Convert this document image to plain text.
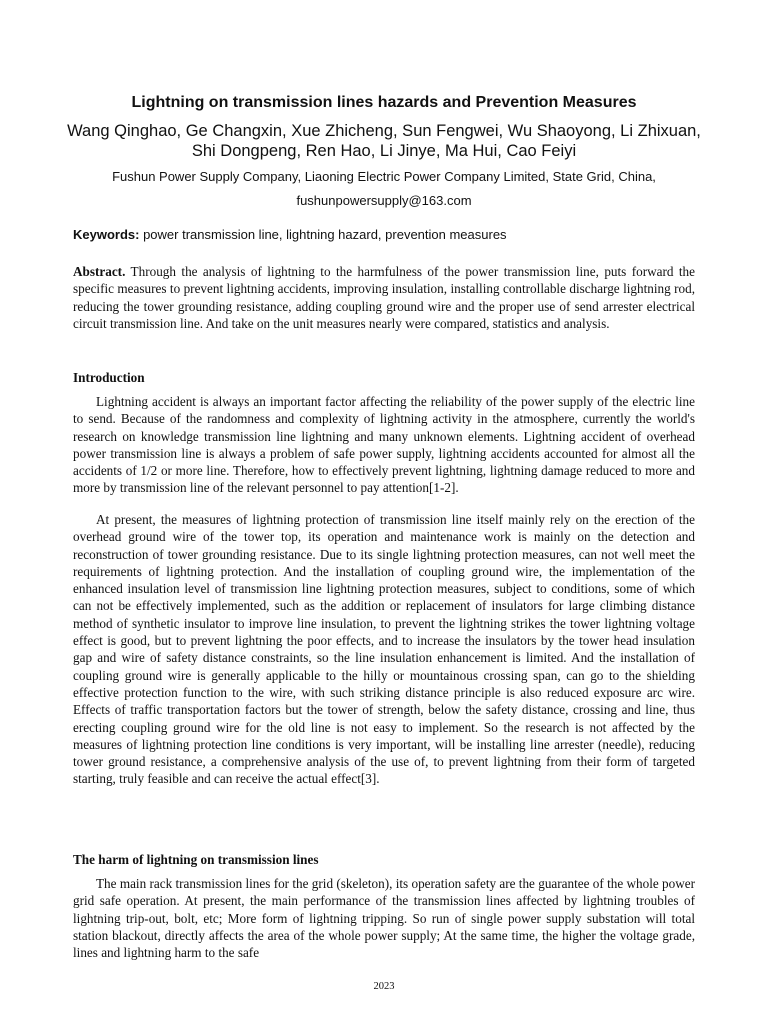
Lightning on transmission lines hazards and Prevention Measures
Wang Qinghao, Ge Changxin, Xue Zhicheng, Sun Fengwei, Wu Shaoyong, Li Zhixuan, Shi Dongpeng, Ren Hao, Li Jinye, Ma Hui, Cao Feiyi
Fushun Power Supply Company, Liaoning Electric Power Company Limited, State Grid, China,
fushunpowersupply@163.com
Keywords: power transmission line, lightning hazard, prevention measures
Abstract. Through the analysis of lightning to the harmfulness of the power transmission line, puts forward the specific measures to prevent lightning accidents, improving insulation, installing controllable discharge lightning rod, reducing the tower grounding resistance, adding coupling ground wire and the proper use of send arrester electrical circuit transmission line. And take on the unit measures nearly were compared, statistics and analysis.
Introduction

Lightning accident is always an important factor affecting the reliability of the power supply of the electric line to send. Because of the randomness and complexity of lightning activity in the atmosphere, currently the world's research on knowledge transmission line lightning and many unknown elements. Lightning accident of overhead power transmission line is always a problem of safe power supply, lightning accidents accounted for almost all the accidents of 1/2 or more line. Therefore, how to effectively prevent lightning, lightning damage reduced to more and more by transmission line of the relevant personnel to pay attention[1-2].

At present, the measures of lightning protection of transmission line itself mainly rely on the erection of the overhead ground wire of the tower top, its operation and maintenance work is mainly on the detection and reconstruction of tower grounding resistance. Due to its single lightning protection measures, can not well meet the requirements of lightning protection. And the installation of coupling ground wire, the implementation of the enhanced insulation level of transmission line lightning protection measures, subject to conditions, some of which can not be effectively implemented, such as the addition or replacement of insulators for large climbing distance method of synthetic insulator to improve line insulation, to prevent the lightning strikes the tower lightning voltage effect is good, but to prevent lightning the poor effects, and to increase the insulators by the tower head insulation gap and wire of safety distance constraints, so the line insulation enhancement is limited. And the installation of coupling ground wire is generally applicable to the hilly or mountainous crossing span, can go to the shielding effective protection function to the wire, with such striking distance principle is also reduced exposure arc wire. Effects of traffic transportation factors but the tower of strength, below the safety distance, crossing and line, thus erecting coupling ground wire for the old line is not easy to implement. So the research is not affected by the measures of lightning protection line conditions is very important, will be installing line arrester (needle), reducing tower ground resistance, a comprehensive analysis of the use of, to prevent lightning from their form of targeted starting, truly feasible and can receive the actual effect[3].

The harm of lightning on transmission lines

The main rack transmission lines for the grid (skeleton), its operation safety are the guarantee of the whole power grid safe operation. At present, the main performance of the transmission lines affected by lightning troubles of lightning trip-out, bolt, etc; More form of lightning tripping. So run of single power supply substation will total station blackout, directly affects the area of the whole power supply; At the same time, the higher the voltage grade, lines and lightning harm to the safe

2023
